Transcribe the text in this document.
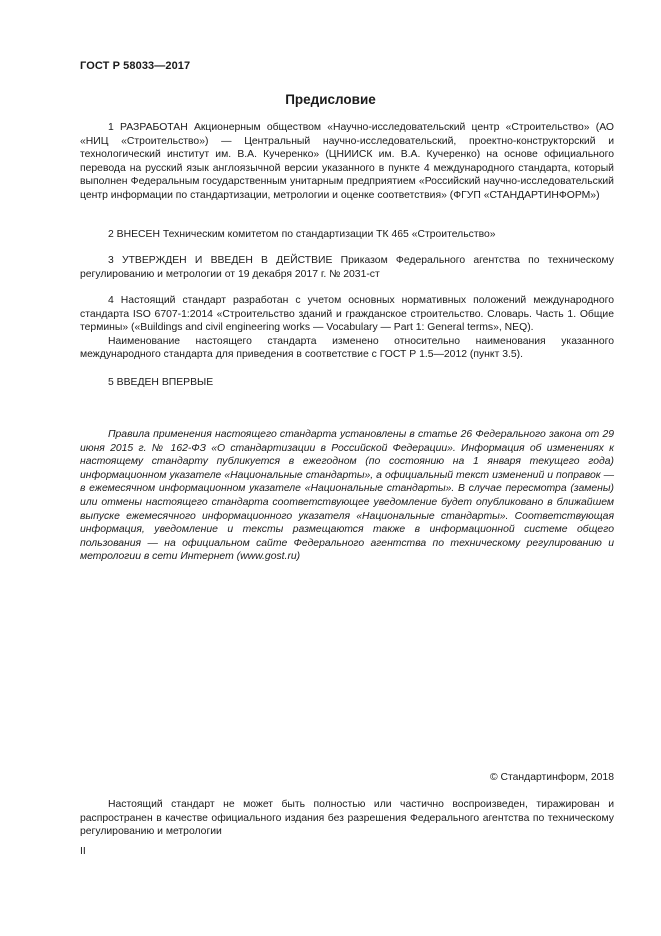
ГОСТ Р 58033—2017
Предисловие

1 РАЗРАБОТАН Акционерным обществом «Научно-исследовательский центр «Строительство» (АО «НИЦ «Строительство») — Центральный научно-исследовательский, проектно-конструкторский и технологический институт им. В.А. Кучеренко» (ЦНИИСК им. В.А. Кучеренко) на основе официального перевода на русский язык англоязычной версии указанного в пункте 4 международного стандарта, который выполнен Федеральным государственным унитарным предприятием «Российский научно-исследовательский центр информации по стандартизации, метрологии и оценке соответствия» (ФГУП «СТАНДАРТИНФОРМ»)

2 ВНЕСЕН Техническим комитетом по стандартизации ТК 465 «Строительство»

3 УТВЕРЖДЕН И ВВЕДЕН В ДЕЙСТВИЕ Приказом Федерального агентства по техническому регулированию и метрологии от 19 декабря 2017 г. № 2031-ст

4 Настоящий стандарт разработан с учетом основных нормативных положений международного стандарта ISO 6707-1:2014 «Строительство зданий и гражданское строительство. Словарь. Часть 1. Общие термины» («Buildings and civil engineering works — Vocabulary — Part 1: General terms», NEQ).

Наименование настоящего стандарта изменено относительно наименования указанного международного стандарта для приведения в соответствие с ГОСТ Р 1.5—2012 (пункт 3.5).

5 ВВЕДЕН ВПЕРВЫЕ

Правила применения настоящего стандарта установлены в статье 26 Федерального закона от 29 июня 2015 г. № 162-ФЗ «О стандартизации в Российской Федерации». Информация об изменениях к настоящему стандарту публикуется в ежегодном (по состоянию на 1 января текущего года) информационном указателе «Национальные стандарты», а официальный текст изменений и поправок — в ежемесячном информационном указателе «Национальные стандарты». В случае пересмотра (замены) или отмены настоящего стандарта соответствующее уведомление будет опубликовано в ближайшем выпуске ежемесячного информационного указателя «Национальные стандарты». Соответствующая информация, уведомление и тексты размещаются также в информационной системе общего пользования — на официальном сайте Федерального агентства по техническому регулированию и метрологии в сети Интернет (www.gost.ru)

© Стандартинформ, 2018

Настоящий стандарт не может быть полностью или частично воспроизведен, тиражирован и распространен в качестве официального издания без разрешения Федерального агентства по техническому регулированию и метрологии

II
